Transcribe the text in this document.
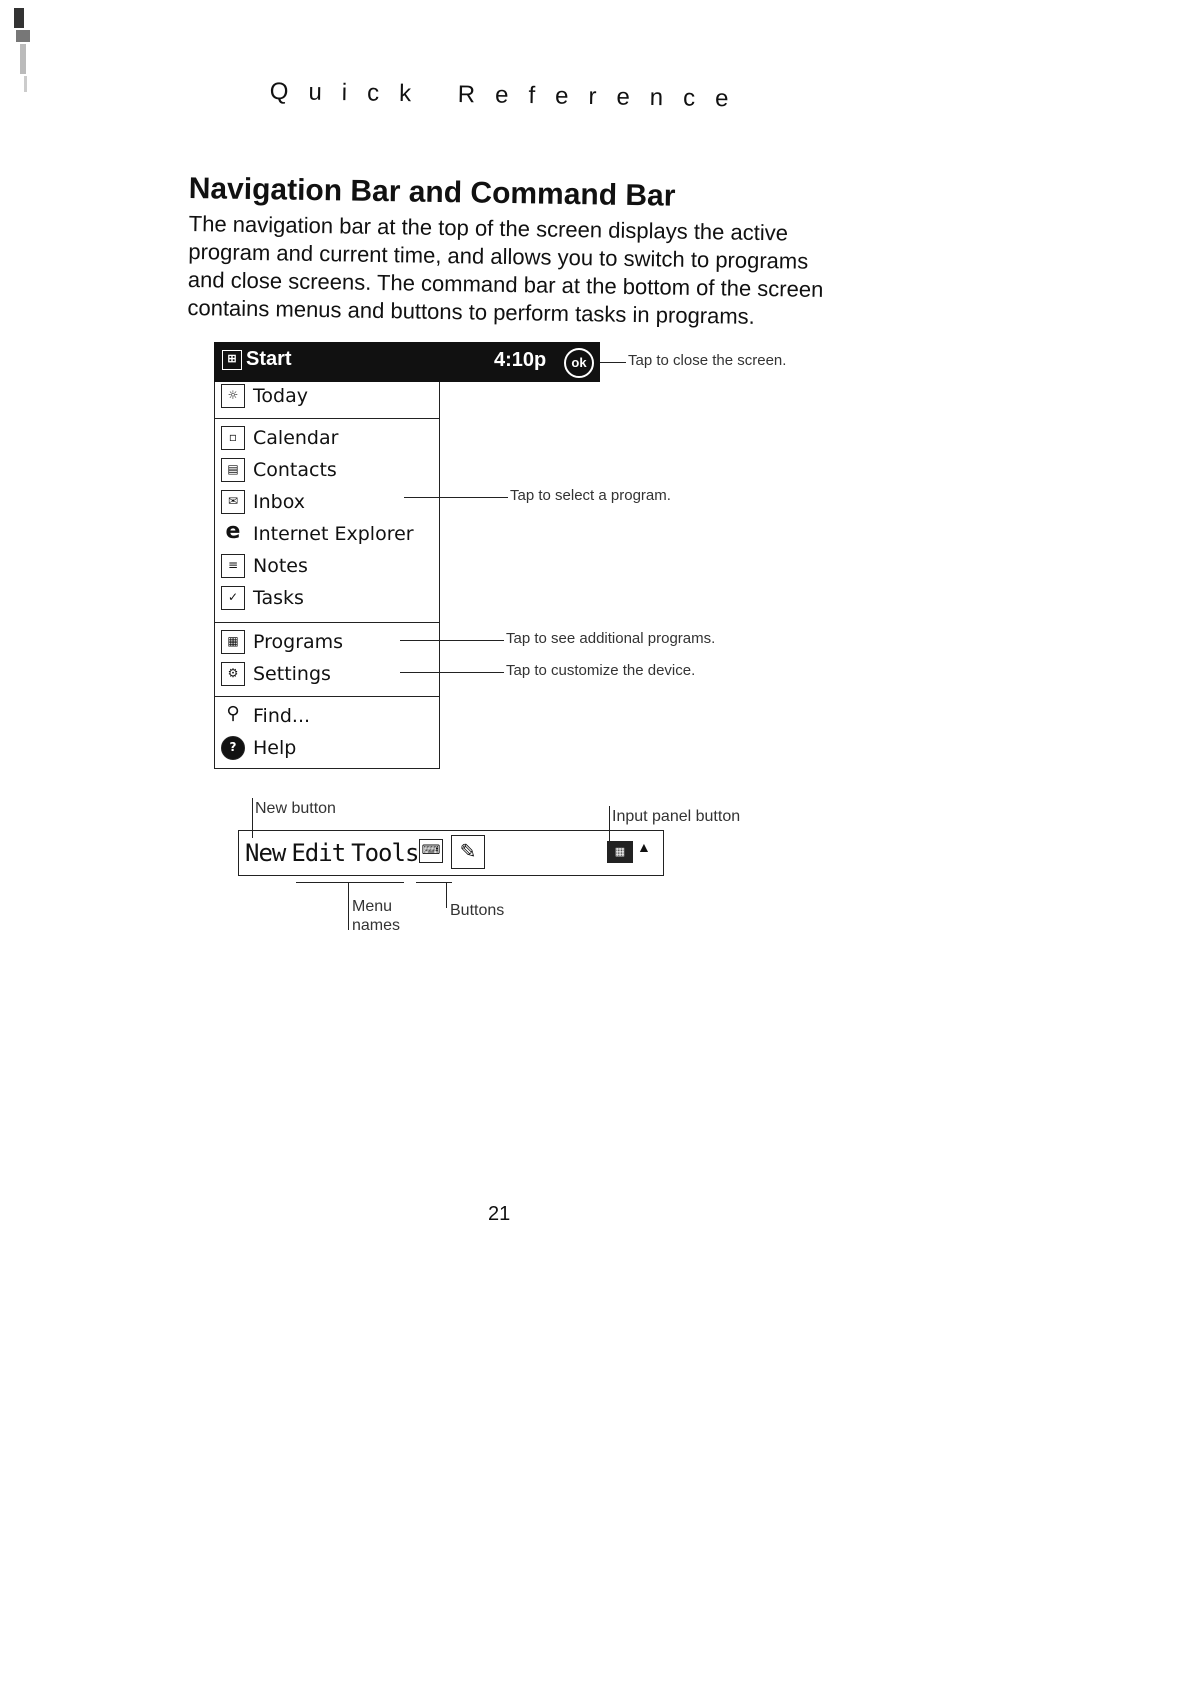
Quick Reference
Navigation Bar and Command Bar
The navigation bar at the top of the screen displays the active
program and current time, and allows you to switch to programs
and close screens. The command bar at the bottom of the screen
contains menus and buttons to perform tasks in programs.
⊞ Start	4:10p	ok
☼ Today
▫ Calendar
▤ Contacts
✉ Inbox
e Internet Explorer
≡ Notes
✓ Tasks
▦ Programs
⚙ Settings
⚲ Find...
? Help
Tap to close the screen.
Tap to select a program.
Tap to see additional programs.
Tap to customize the device.
New button	Input panel button
New Edit Tools ⌨ ✎	▦ ▲
Menu
names
Buttons
21
